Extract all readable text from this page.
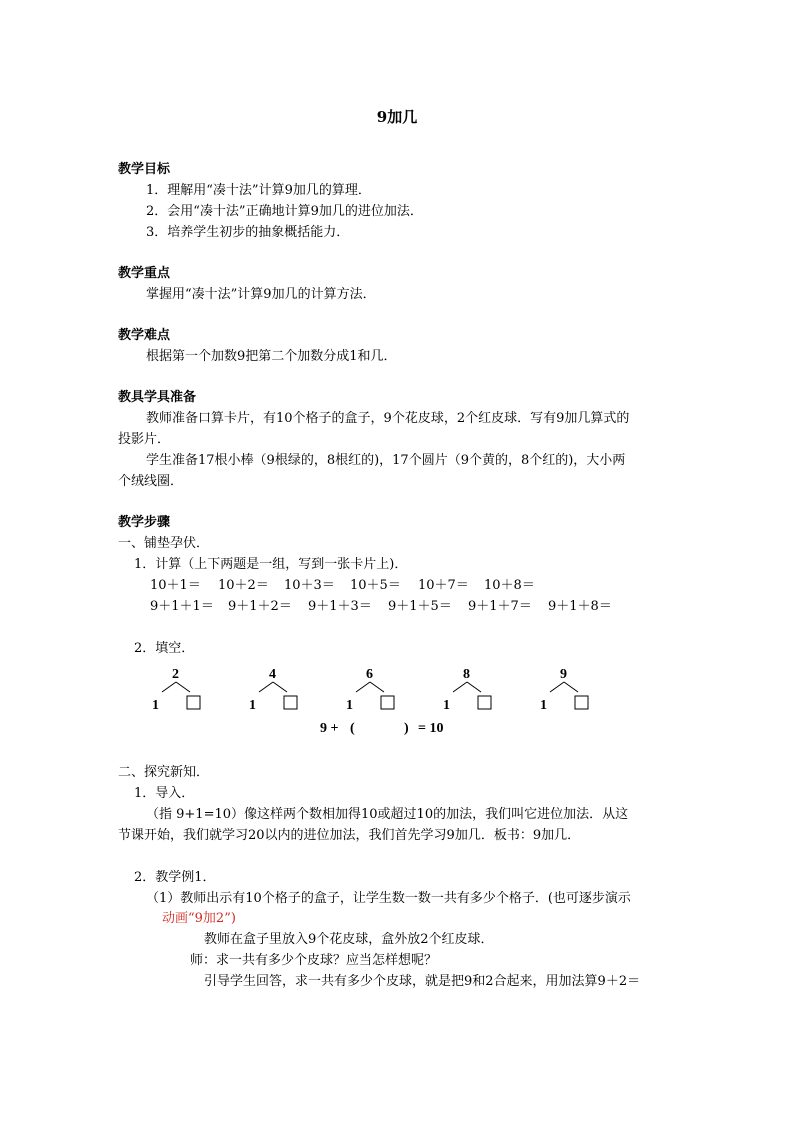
9加几
教学目标
1．理解用“凑十法”计算9加几的算理．
2．会用“凑十法”正确地计算9加几的进位加法．
3．培养学生初步的抽象概括能力．
教学重点
掌握用“凑十法”计算9加几的计算方法．
教学难点
根据第一个加数9把第二个加数分成1和几．
教具学具准备
教师准备口算卡片，有10个格子的盒子，9个花皮球，2个红皮球．写有9加几算式的
投影片．
学生准备17根小棒（9根绿的，8根红的)，17个圆片（9个黄的，8个红的)，大小两
个绒线圈．
教学步骤
一、铺垫孕伏．
1．计算（上下两题是一组，写到一张卡片上)．
10＋1＝ 10＋2＝ 10＋3＝ 10＋5＝ 10＋7＝ 10＋8＝
9＋1＋1＝ 9＋1＋2＝ 9＋1＋3＝ 9＋1＋5＝ 9＋1＋7＝ 9＋1＋8＝
2．填空．
2
1
4
1
6
1
8
1
9
1
9 + (	) = 10
二、探究新知．
1．导入．
（指 9+1=10）像这样两个数相加得10或超过10的加法，我们叫它进位加法．从这
节课开始，我们就学习20以内的进位加法，我们首先学习9加几．板书：9加几．
2．教学例1．
（1）教师出示有10个格子的盒子，让学生数一数一共有多少个格子．(也可逐步演示
动画“9加2”)
教师在盒子里放入9个花皮球，盒外放2个红皮球．
师：求一共有多少个皮球？应当怎样想呢？
引导学生回答，求一共有多少个皮球，就是把9和2合起来，用加法算9＋2＝
